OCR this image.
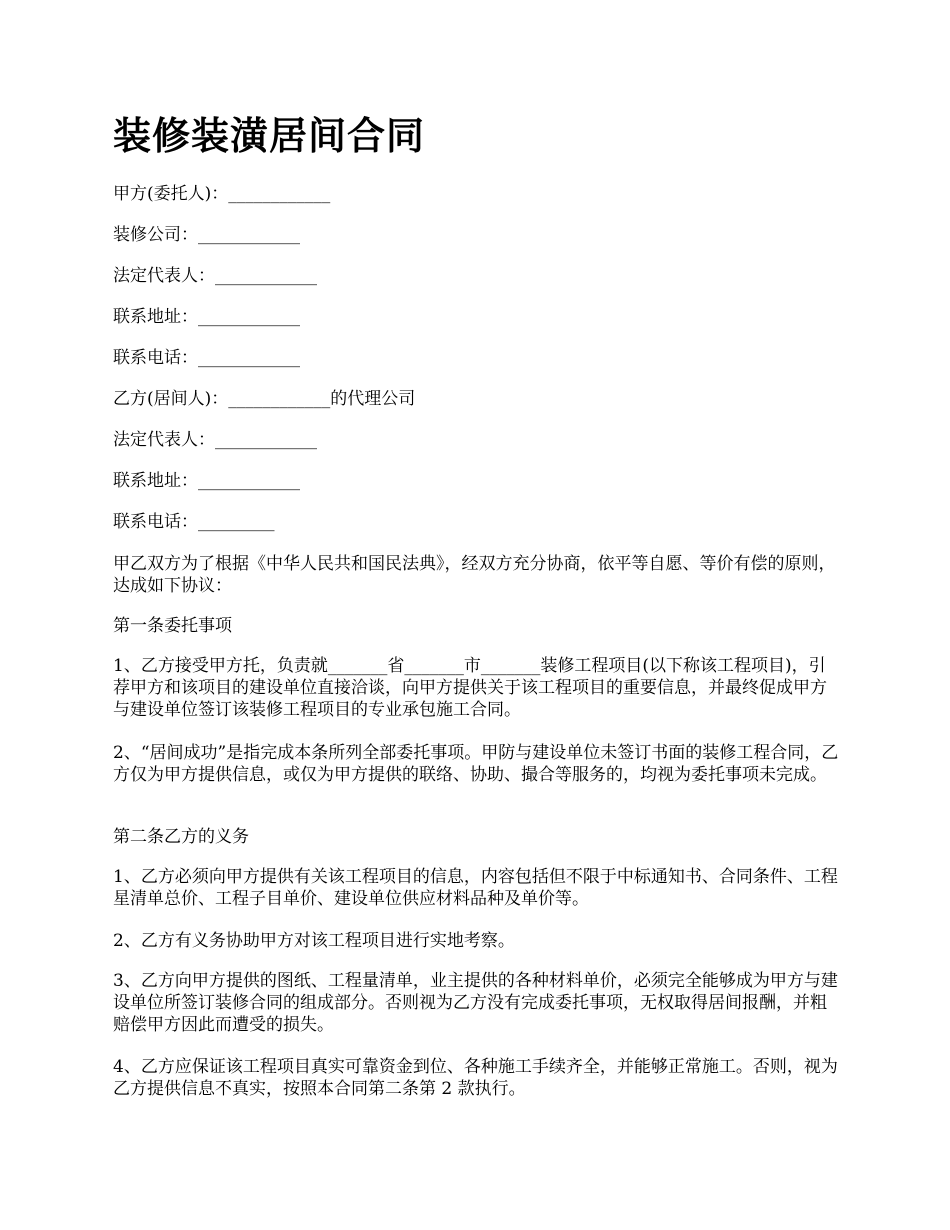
装修装潢居间合同

甲方(委托人)：____________

装修公司：____________

法定代表人：____________

联系地址：____________

联系电话：____________

乙方(居间人)：____________的代理公司

法定代表人：____________

联系地址：____________

联系电话：_________

甲乙双方为了根据《中华人民共和国民法典》，经双方充分协商，依平等自愿、等价有偿的原则，达成如下协议：

第一条委托事项

1、乙方接受甲方托，负责就_______省_______市_______装修工程项目(以下称该工程项目)，引荐甲方和该项目的建设单位直接洽谈，向甲方提供关于该工程项目的重要信息，并最终促成甲方与建设单位签订该装修工程项目的专业承包施工合同。

2、“居间成功”是指完成本条所列全部委托事项。甲防与建设单位未签订书面的装修工程合同，乙方仅为甲方提供信息，或仅为甲方提供的联络、协助、撮合等服务的，均视为委托事项未完成。

第二条乙方的义务

1、乙方必须向甲方提供有关该工程项目的信息，内容包括但不限于中标通知书、合同条件、工程星清单总价、工程子目单价、建设单位供应材料品种及单价等。

2、乙方有义务协助甲方对该工程项目进行实地考察。

3、乙方向甲方提供的图纸、工程量清单，业主提供的各种材料单价，必须完全能够成为甲方与建设单位所签订装修合同的组成部分。否则视为乙方没有完成委托事项，无权取得居间报酬，并粗赔偿甲方因此而遭受的损失。

4、乙方应保证该工程项目真实可靠资金到位、各种施工手续齐全，并能够正常施工。否则，视为乙方提供信息不真实，按照本合同第二条第 2 款执行。
